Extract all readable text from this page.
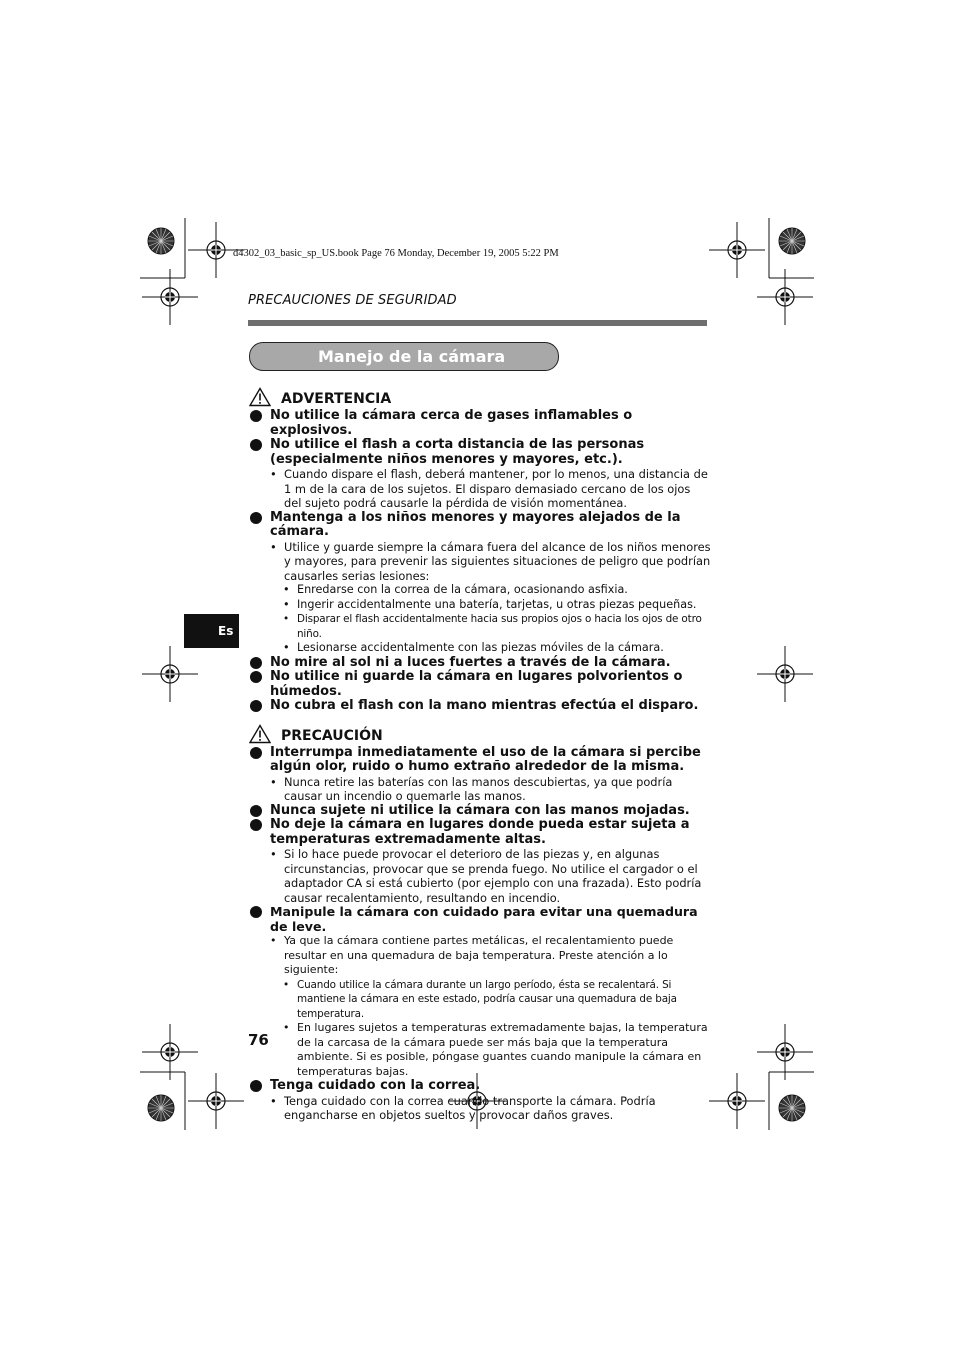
d4302_03_basic_sp_US.book Page 76 Monday, December 19, 2005 5:22 PM
PRECAUCIONES DE SEGURIDAD
Manejo de la cámara
Es
76
ADVERTENCIA
No utilice la cámara cerca de gases inflamables o explosivos.
No utilice el flash a corta distancia de las personas (especialmente niños menores y mayores, etc.).
• Cuando dispare el flash, deberá mantener, por lo menos, una distancia de 1 m de la cara de los sujetos. El disparo demasiado cercano de los ojos del sujeto podrá causarle la pérdida de visión momentánea.
Mantenga a los niños menores y mayores alejados de la cámara.
• Utilice y guarde siempre la cámara fuera del alcance de los niños menores y mayores, para prevenir las siguientes situaciones de peligro que podrían causarles serias lesiones:
• Enredarse con la correa de la cámara, ocasionando asfixia.
• Ingerir accidentalmente una batería, tarjetas, u otras piezas pequeñas.
• Disparar el flash accidentalmente hacia sus propios ojos o hacia los ojos de otro niño.
• Lesionarse accidentalmente con las piezas móviles de la cámara.
No mire al sol ni a luces fuertes a través de la cámara.
No utilice ni guarde la cámara en lugares polvorientos o húmedos.
No cubra el flash con la mano mientras efectúa el disparo.
PRECAUCIÓN
Interrumpa inmediatamente el uso de la cámara si percibe algún olor, ruido o humo extraño alrededor de la misma.
• Nunca retire las baterías con las manos descubiertas, ya que podría causar un incendio o quemarle las manos.
Nunca sujete ni utilice la cámara con las manos mojadas.
No deje la cámara en lugares donde pueda estar sujeta a temperaturas extremadamente altas.
• Si lo hace puede provocar el deterioro de las piezas y, en algunas circunstancias, provocar que se prenda fuego. No utilice el cargador o el adaptador CA si está cubierto (por ejemplo con una frazada). Esto podría causar recalentamiento, resultando en incendio.
Manipule la cámara con cuidado para evitar una quemadura de leve.
• Ya que la cámara contiene partes metálicas, el recalentamiento puede resultar en una quemadura de baja temperatura. Preste atención a lo siguiente:
• Cuando utilice la cámara durante un largo período, ésta se recalentará. Si mantiene la cámara en este estado, podría causar una quemadura de baja temperatura.
• En lugares sujetos a temperaturas extremadamente bajas, la temperatura de la carcasa de la cámara puede ser más baja que la temperatura ambiente. Si es posible, póngase guantes cuando manipule la cámara en temperaturas bajas.
Tenga cuidado con la correa.
• Tenga cuidado con la correa cuando transporte la cámara. Podría engancharse en objetos sueltos y provocar daños graves.
